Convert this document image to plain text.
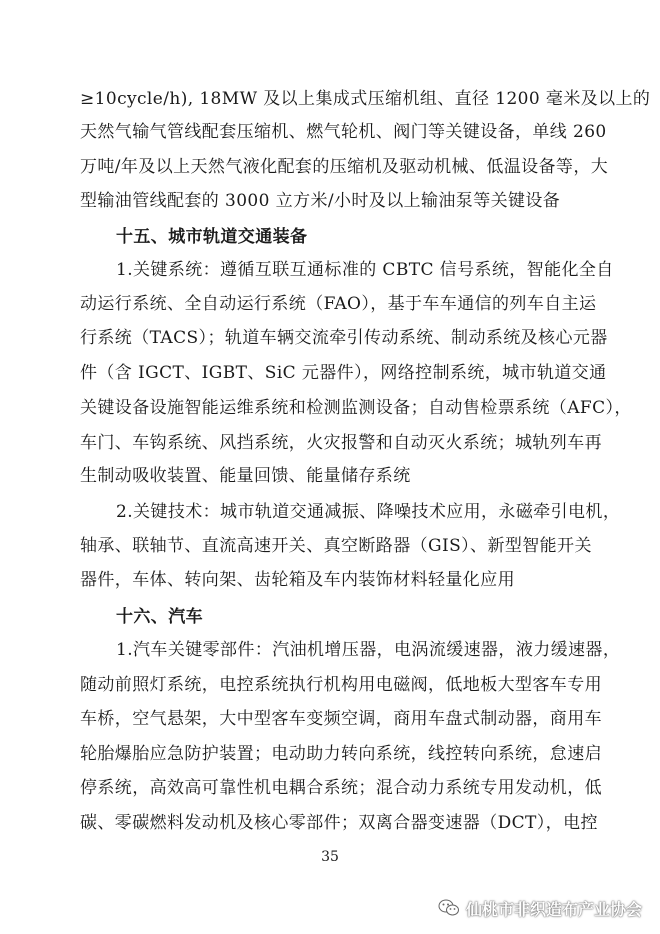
≥10cycle/h), 18MW 及以上集成式压缩机组、直径 1200 毫米及以上的
天然气输气管线配套压缩机、燃气轮机、阀门等关键设备，单线 260
万吨/年及以上天然气液化配套的压缩机及驱动机械、低温设备等，大
型输油管线配套的 3000 立方米/小时及以上输油泵等关键设备
十五、城市轨道交通装备
1.关键系统：遵循互联互通标准的 CBTC 信号系统，智能化全自
动运行系统、全自动运行系统（FAO），基于车车通信的列车自主运
行系统（TACS）；轨道车辆交流牵引传动系统、制动系统及核心元器
件（含 IGCT、IGBT、SiC 元器件），网络控制系统，城市轨道交通
关键设备设施智能运维系统和检测监测设备；自动售检票系统（AFC），
车门、车钩系统、风挡系统，火灾报警和自动灭火系统；城轨列车再
生制动吸收装置、能量回馈、能量储存系统
2.关键技术：城市轨道交通减振、降噪技术应用，永磁牵引电机，
轴承、联轴节、直流高速开关、真空断路器（GIS）、新型智能开关
器件，车体、转向架、齿轮箱及车内装饰材料轻量化应用
十六、汽车
1.汽车关键零部件：汽油机增压器，电涡流缓速器，液力缓速器，
随动前照灯系统，电控系统执行机构用电磁阀，低地板大型客车专用
车桥，空气悬架，大中型客车变频空调，商用车盘式制动器，商用车
轮胎爆胎应急防护装置；电动助力转向系统，线控转向系统，怠速启
停系统，高效高可靠性机电耦合系统；混合动力系统专用发动机，低
碳、零碳燃料发动机及核心零部件；双离合器变速器（DCT），电控
35
仙桃市非织造布产业协会
